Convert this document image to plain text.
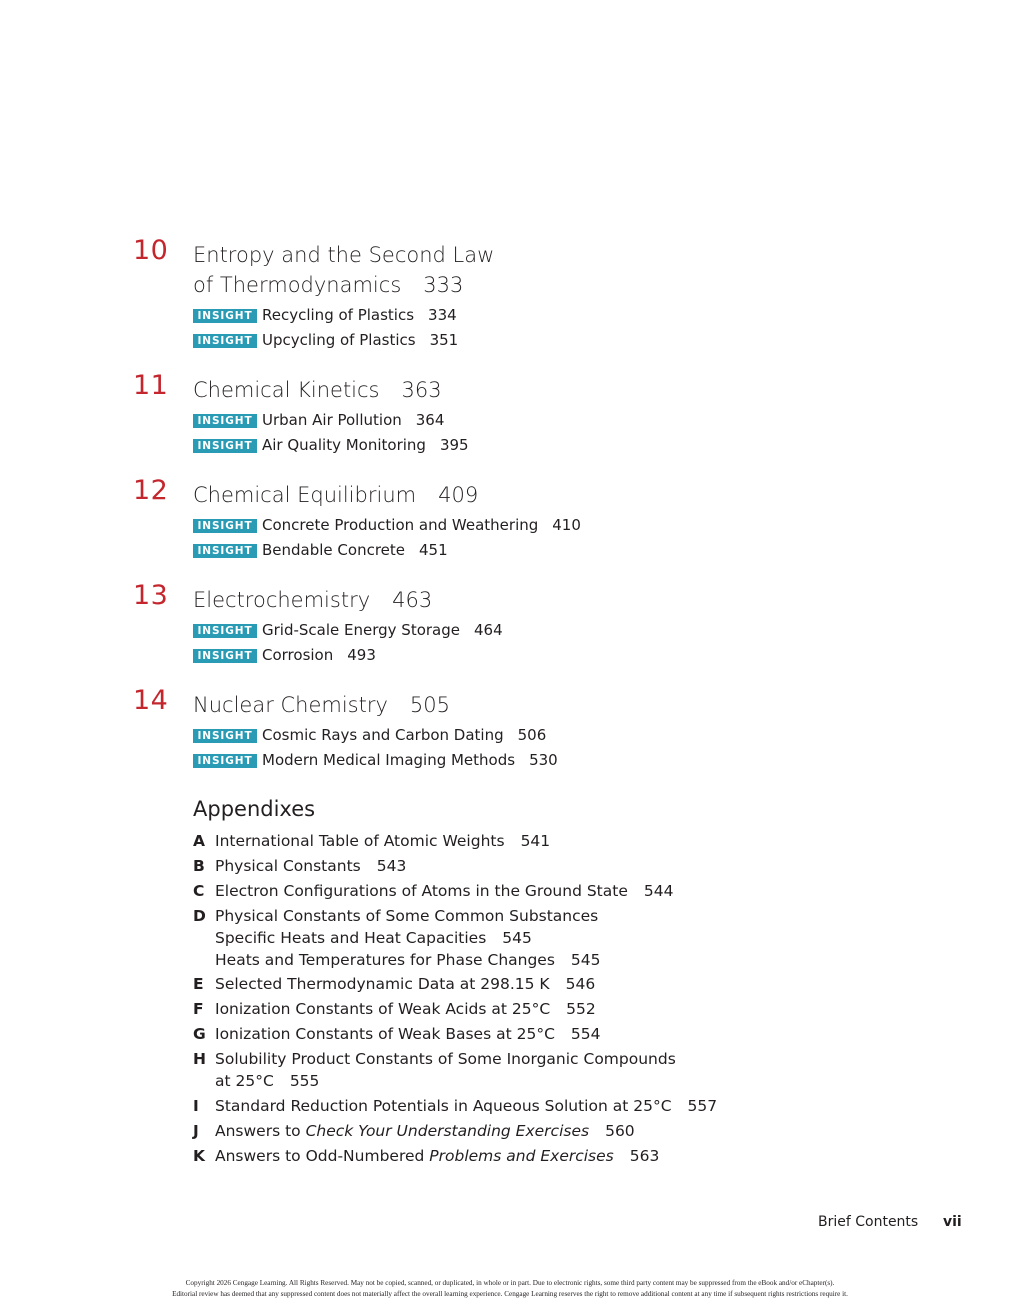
10 Entropy and the Second Law
of Thermodynamics 333
INSIGHT Recycling of Plastics 334
INSIGHT Upcycling of Plastics 351
11 Chemical Kinetics 363
INSIGHT Urban Air Pollution 364
INSIGHT Air Quality Monitoring 395
12 Chemical Equilibrium 409
INSIGHT Concrete Production and Weathering 410
INSIGHT Bendable Concrete 451
13 Electrochemistry 463
INSIGHT Grid-Scale Energy Storage 464
INSIGHT Corrosion 493
14 Nuclear Chemistry 505
INSIGHT Cosmic Rays and Carbon Dating 506
INSIGHT Modern Medical Imaging Methods 530
Appendixes
A International Table of Atomic Weights 541
B Physical Constants 543
C Electron Configurations of Atoms in the Ground State 544
D Physical Constants of Some Common Substances
Specific Heats and Heat Capacities 545
Heats and Temperatures for Phase Changes 545
E Selected Thermodynamic Data at 298.15 K 546
F Ionization Constants of Weak Acids at 25°C 552
G Ionization Constants of Weak Bases at 25°C 554
H Solubility Product Constants of Some Inorganic Compounds
at 25°C 555
I	Standard Reduction Potentials in Aqueous Solution at 25°C 557
J	Answers to Check Your Understanding Exercises 560
K Answers to Odd-Numbered Problems and Exercises 563
Brief Contents vii
Copyright 2026 Cengage Learning. All Rights Reserved. May not be copied, scanned, or duplicated, in whole or in part. Due to electronic rights, some third party content may be suppressed from the eBook and/or eChapter(s).
Editorial review has deemed that any suppressed content does not materially affect the overall learning experience. Cengage Learning reserves the right to remove additional content at any time if subsequent rights restrictions require it.
